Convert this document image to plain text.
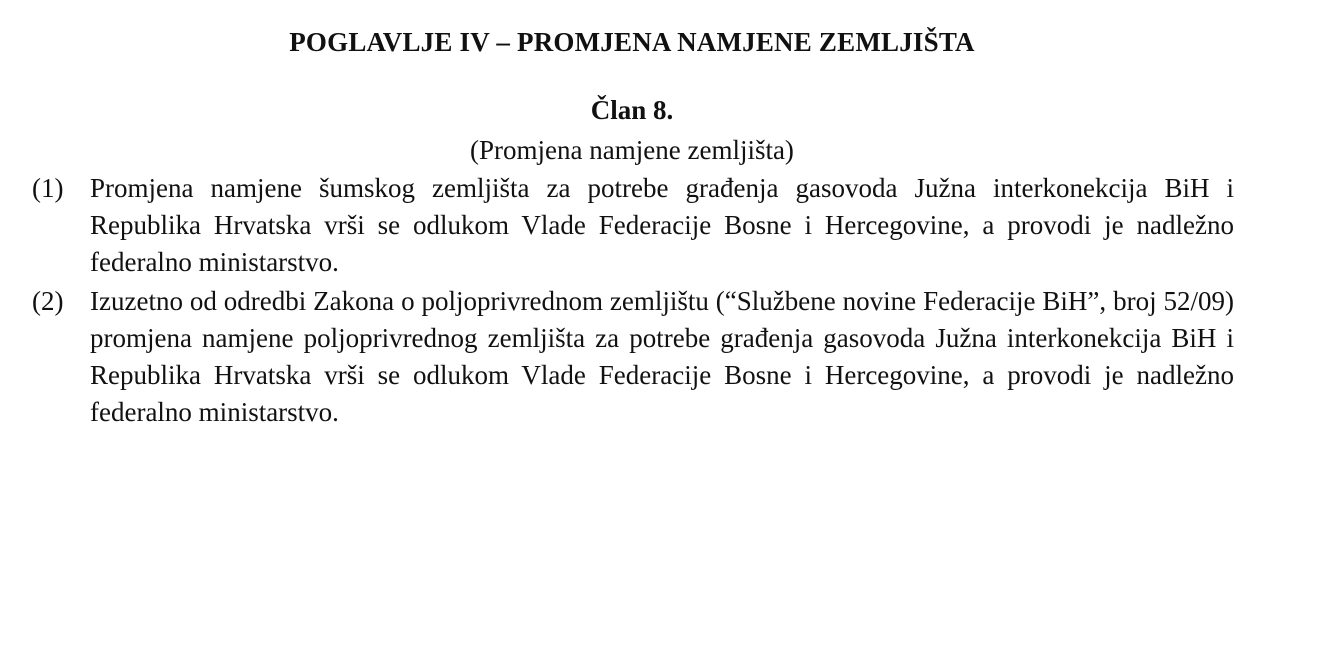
POGLAVLJE IV – PROMJENA NAMJENE ZEMLJIŠTA
Član 8.
(Promjena namjene zemljišta)
(1) Promjena namjene šumskog zemljišta za potrebe građenja gasovoda Južna interkonekcija BiH i Republika Hrvatska vrši se odlukom Vlade Federacije Bosne i Hercegovine, a provodi je nadležno federalno ministarstvo.
(2) Izuzetno od odredbi Zakona o poljoprivrednom zemljištu (“Službene novine Federacije BiH”, broj 52/09) promjena namjene poljoprivrednog zemljišta za potrebe građenja gasovoda Južna interkonekcija BiH i Republika Hrvatska vrši se odlukom Vlade Federacije Bosne i Hercegovine, a provodi je nadležno federalno ministarstvo.
